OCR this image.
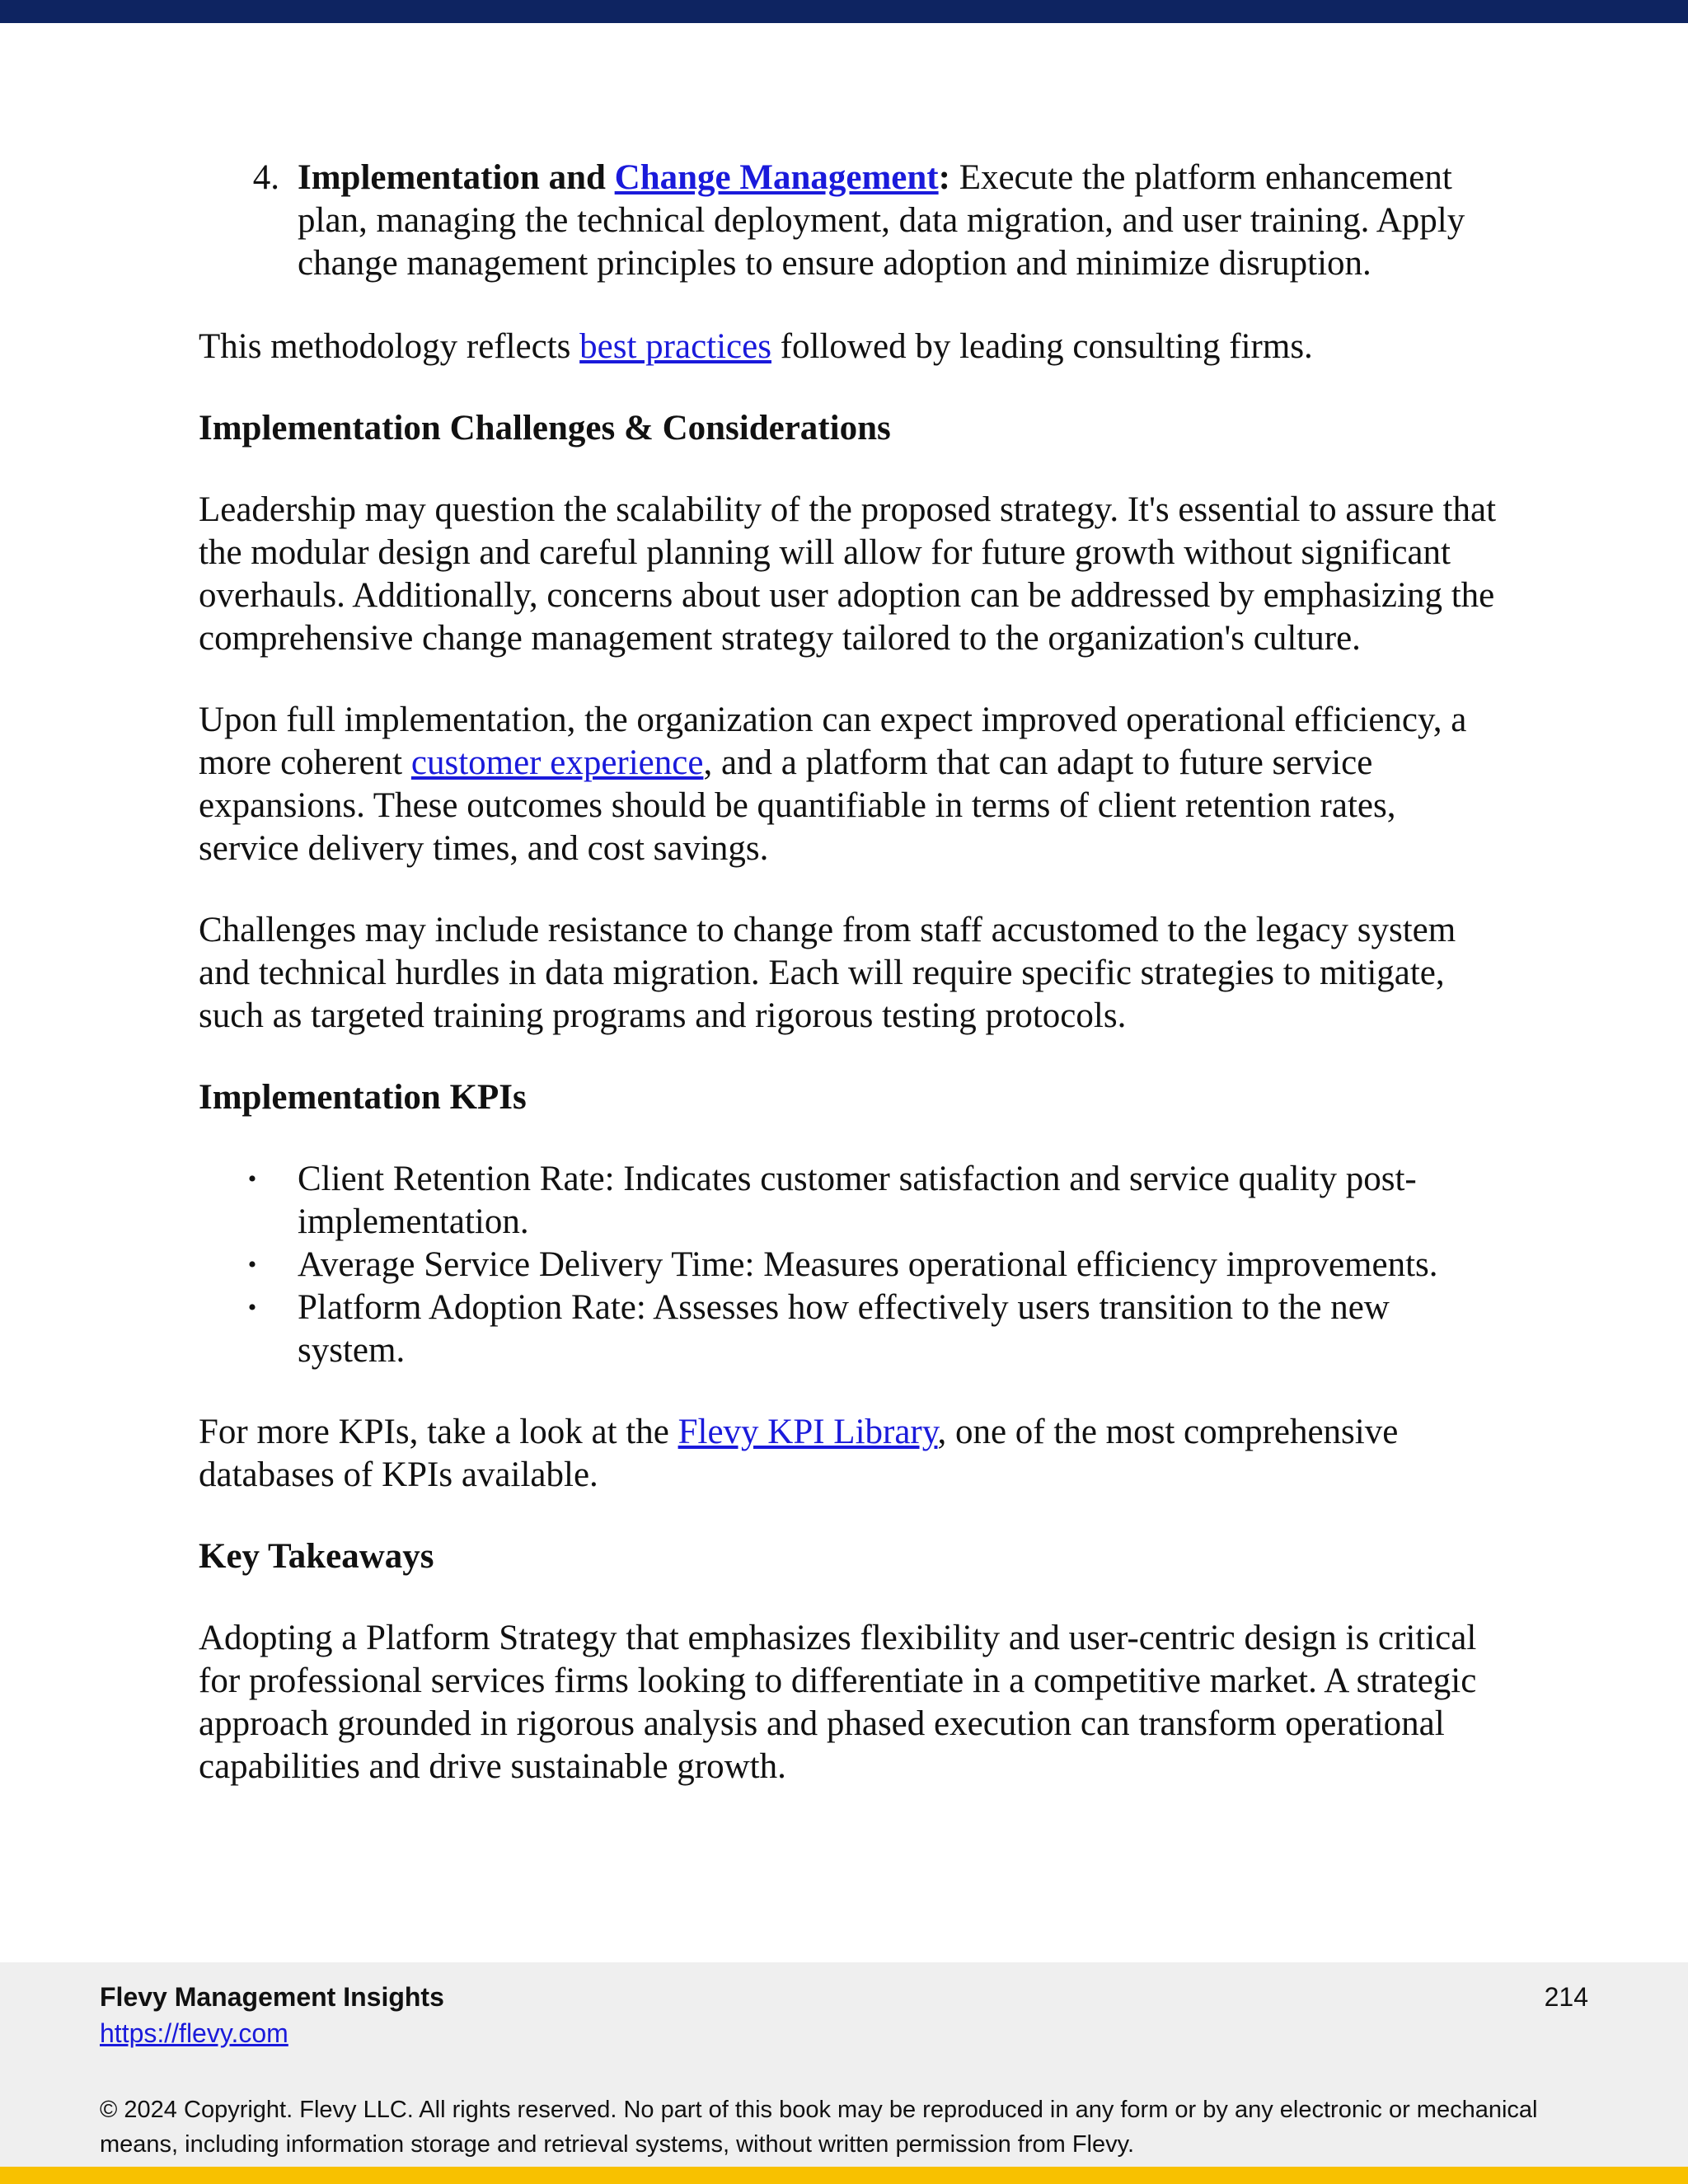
4. Implementation and Change Management: Execute the platform enhancement plan, managing the technical deployment, data migration, and user training. Apply change management principles to ensure adoption and minimize disruption.

This methodology reflects best practices followed by leading consulting firms.

Implementation Challenges & Considerations

Leadership may question the scalability of the proposed strategy. It's essential to assure that the modular design and careful planning will allow for future growth without significant overhauls. Additionally, concerns about user adoption can be addressed by emphasizing the comprehensive change management strategy tailored to the organization's culture.

Upon full implementation, the organization can expect improved operational efficiency, a more coherent customer experience, and a platform that can adapt to future service expansions. These outcomes should be quantifiable in terms of client retention rates, service delivery times, and cost savings.

Challenges may include resistance to change from staff accustomed to the legacy system and technical hurdles in data migration. Each will require specific strategies to mitigate, such as targeted training programs and rigorous testing protocols.

Implementation KPIs
•	Client Retention Rate: Indicates customer satisfaction and service quality post-implementation.
•	Average Service Delivery Time: Measures operational efficiency improvements.
•	Platform Adoption Rate: Assesses how effectively users transition to the new system.

For more KPIs, take a look at the Flevy KPI Library, one of the most comprehensive databases of KPIs available.

Key Takeaways

Adopting a Platform Strategy that emphasizes flexibility and user-centric design is critical for professional services firms looking to differentiate in a competitive market. A strategic approach grounded in rigorous analysis and phased execution can transform operational capabilities and drive sustainable growth.

Flevy Management Insights
https://flevy.com
214
© 2024 Copyright. Flevy LLC. All rights reserved. No part of this book may be reproduced in any form or by any electronic or mechanical means, including information storage and retrieval systems, without written permission from Flevy.
